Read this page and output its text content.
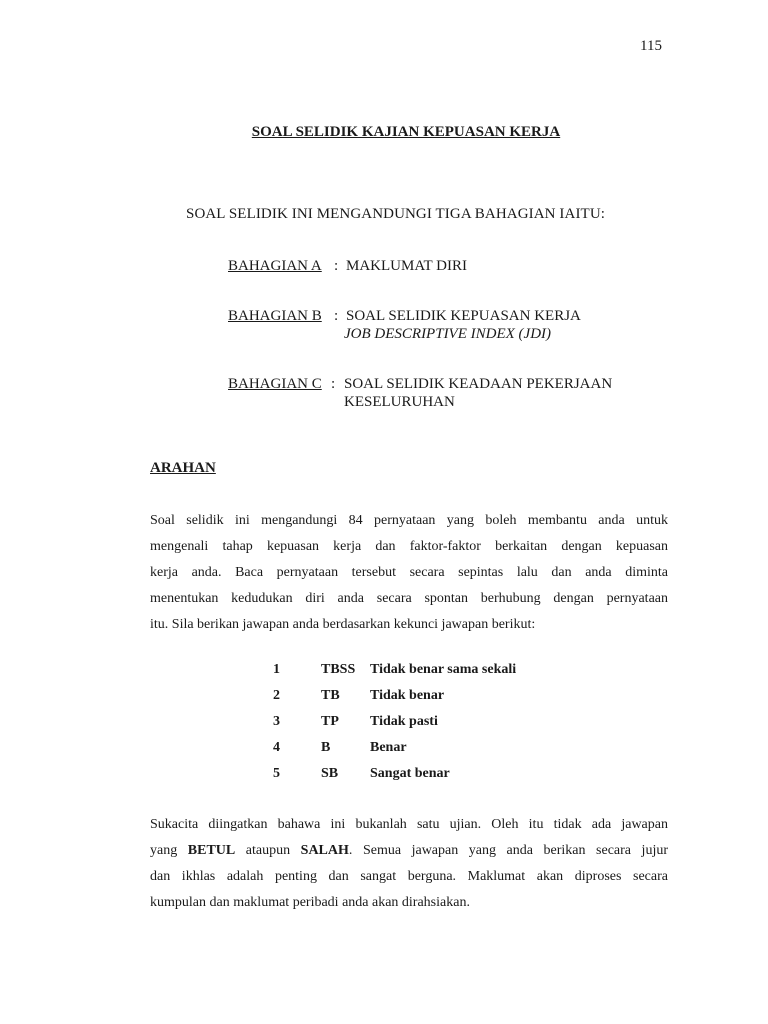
115
SOAL SELIDIK KAJIAN KEPUASAN KERJA
SOAL SELIDIK INI MENGANDUNGI TIGA BAHAGIAN IAITU:
BAHAGIAN A : MAKLUMAT DIRI
BAHAGIAN B : SOAL SELIDIK KEPUASAN KERJA
JOB DESCRIPTIVE INDEX (JDI)
BAHAGIAN C : SOAL SELIDIK KEADAAN PEKERJAAN
KESELURUHAN
ARAHAN
Soal selidik ini mengandungi 84 pernyataan yang boleh membantu anda untuk
mengenali tahap kepuasan kerja dan faktor-faktor berkaitan dengan kepuasan
kerja anda. Baca pernyataan tersebut secara sepintas lalu dan anda diminta
menentukan kedudukan diri anda secara spontan berhubung dengan pernyataan
itu. Sila berikan jawapan anda berdasarkan kekunci jawapan berikut:
1	TBSS Tidak benar sama sekali
2	TB Tidak benar
3	TP Tidak pasti
4	B	Benar
5	SB Sangat benar
Sukacita diingatkan bahawa ini bukanlah satu ujian. Oleh itu tidak ada jawapan
yang BETUL ataupun SALAH. Semua jawapan yang anda berikan secara jujur
dan ikhlas adalah penting dan sangat berguna. Maklumat akan diproses secara
kumpulan dan maklumat peribadi anda akan dirahsiakan.
